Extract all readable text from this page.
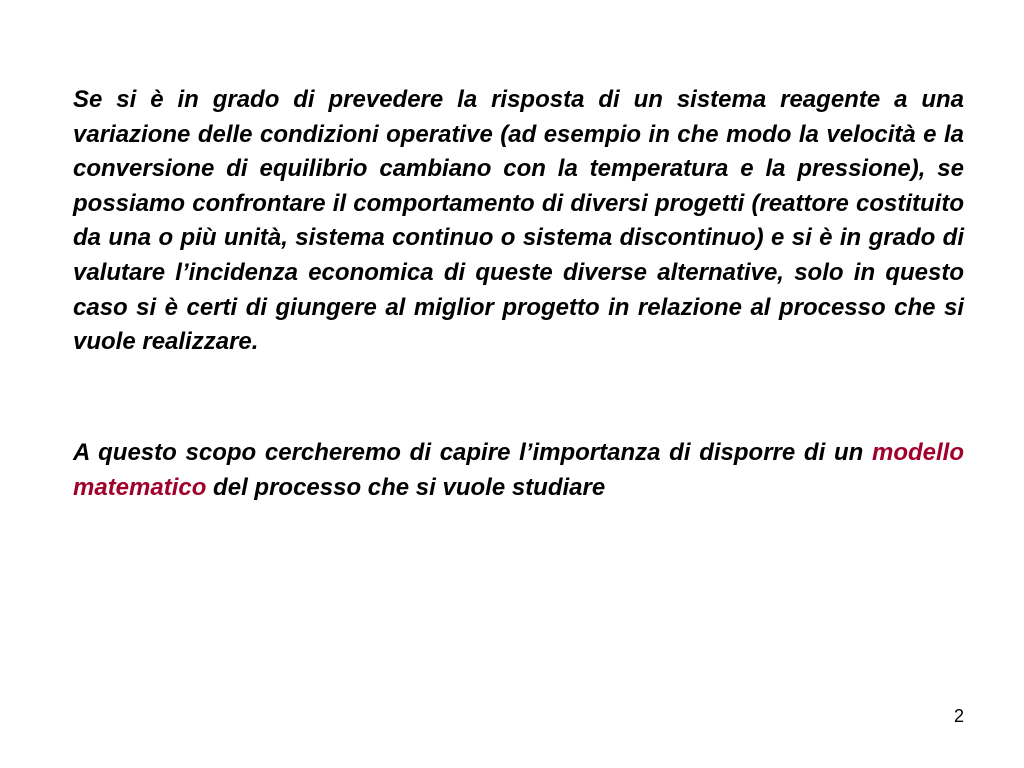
Se si è in grado di prevedere la risposta di un sistema reagente a una variazione delle condizioni operative (ad esempio in che modo la velocità e la conversione di equilibrio cambiano con la temperatura e la pressione), se possiamo confrontare il comportamento di diversi progetti (reattore costituito da una o più unità, sistema continuo o sistema discontinuo) e si è in grado di valutare l’incidenza economica di queste diverse alternative, solo in questo caso si è certi di giungere al miglior progetto in relazione al processo che si vuole realizzare.

A questo scopo cercheremo di capire l’importanza di disporre di un modello matematico del processo che si vuole studiare

2
